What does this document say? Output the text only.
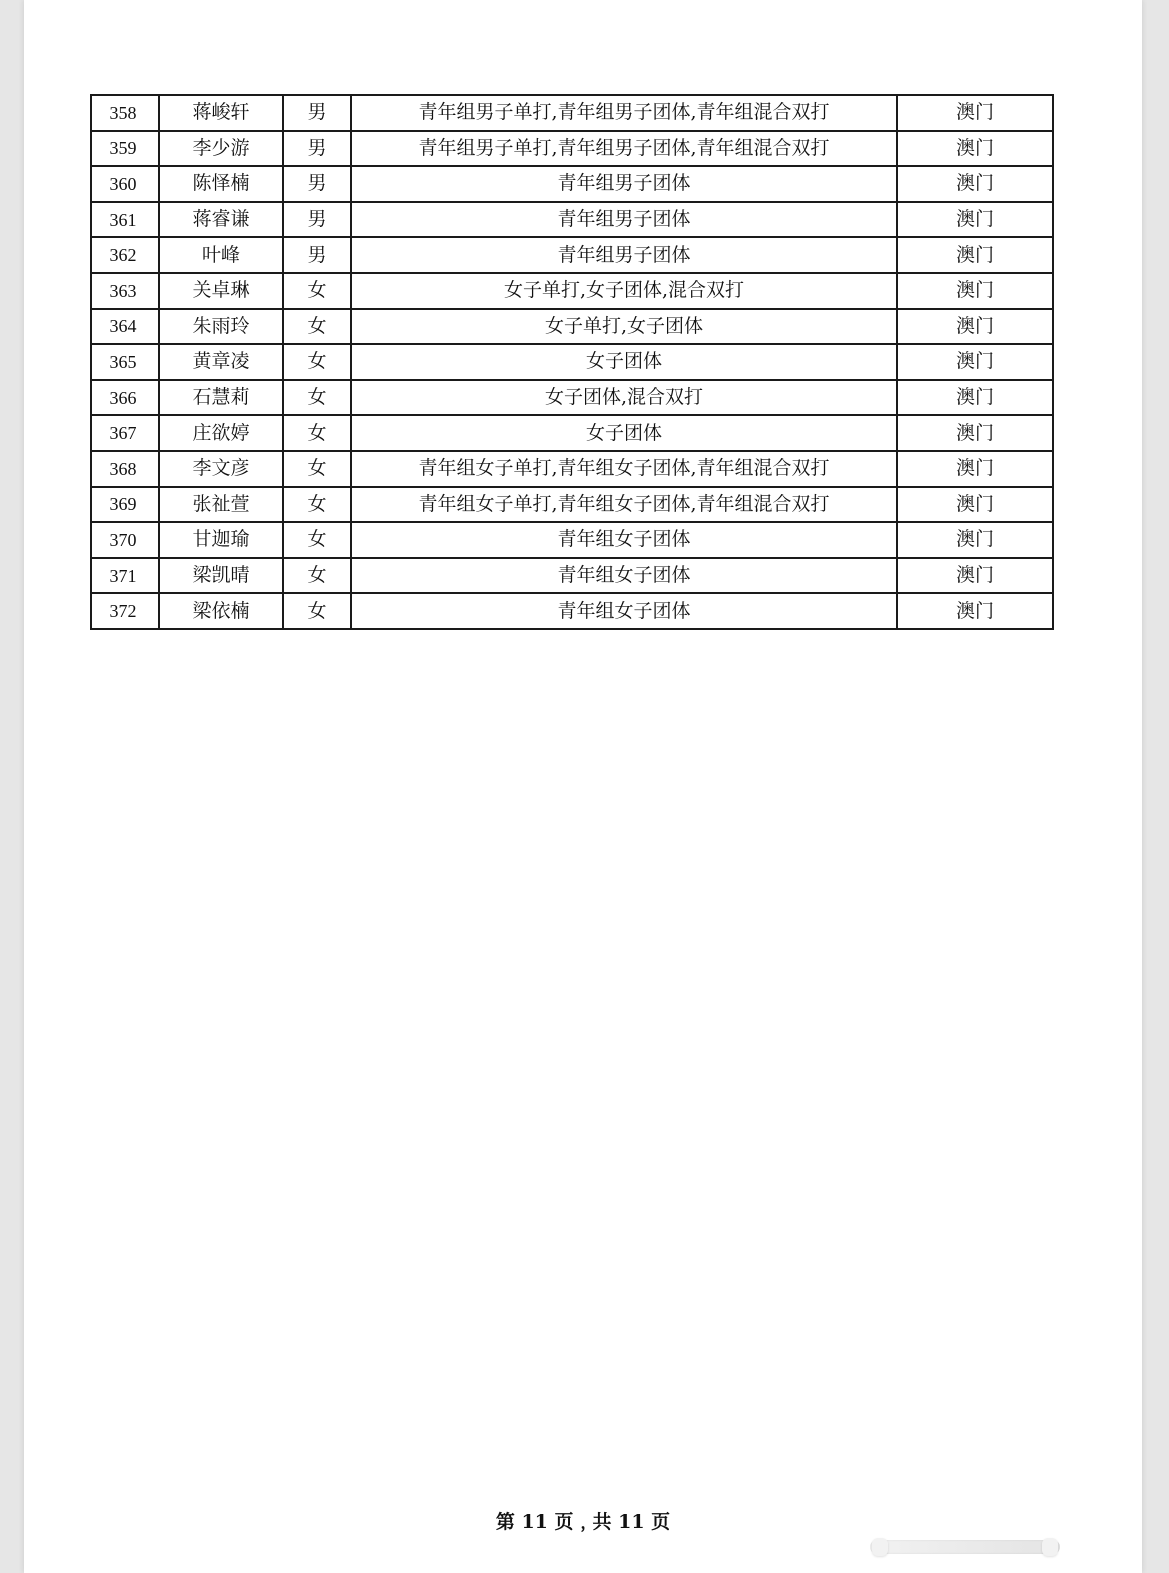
358	蒋峻轩	男	青年组男子单打,青年组男子团体,青年组混合双打	澳门
359	李少游	男	青年组男子单打,青年组男子团体,青年组混合双打	澳门
360	陈怿楠	男	青年组男子团体	澳门
361	蒋睿谦	男	青年组男子团体	澳门
362	叶峰	男	青年组男子团体	澳门
363	关卓琳	女	女子单打,女子团体,混合双打	澳门
364	朱雨玲	女	女子单打,女子团体	澳门
365	黄章凌	女	女子团体	澳门
366	石慧莉	女	女子团体,混合双打	澳门
367	庄欲婷	女	女子团体	澳门
368	李文彦	女	青年组女子单打,青年组女子团体,青年组混合双打	澳门
369	张祉萱	女	青年组女子单打,青年组女子团体,青年组混合双打	澳门
370	甘迦瑜	女	青年组女子团体	澳门
371	梁凯晴	女	青年组女子团体	澳门
372	梁依楠	女	青年组女子团体	澳门
第 11 页﹐共 11 页
